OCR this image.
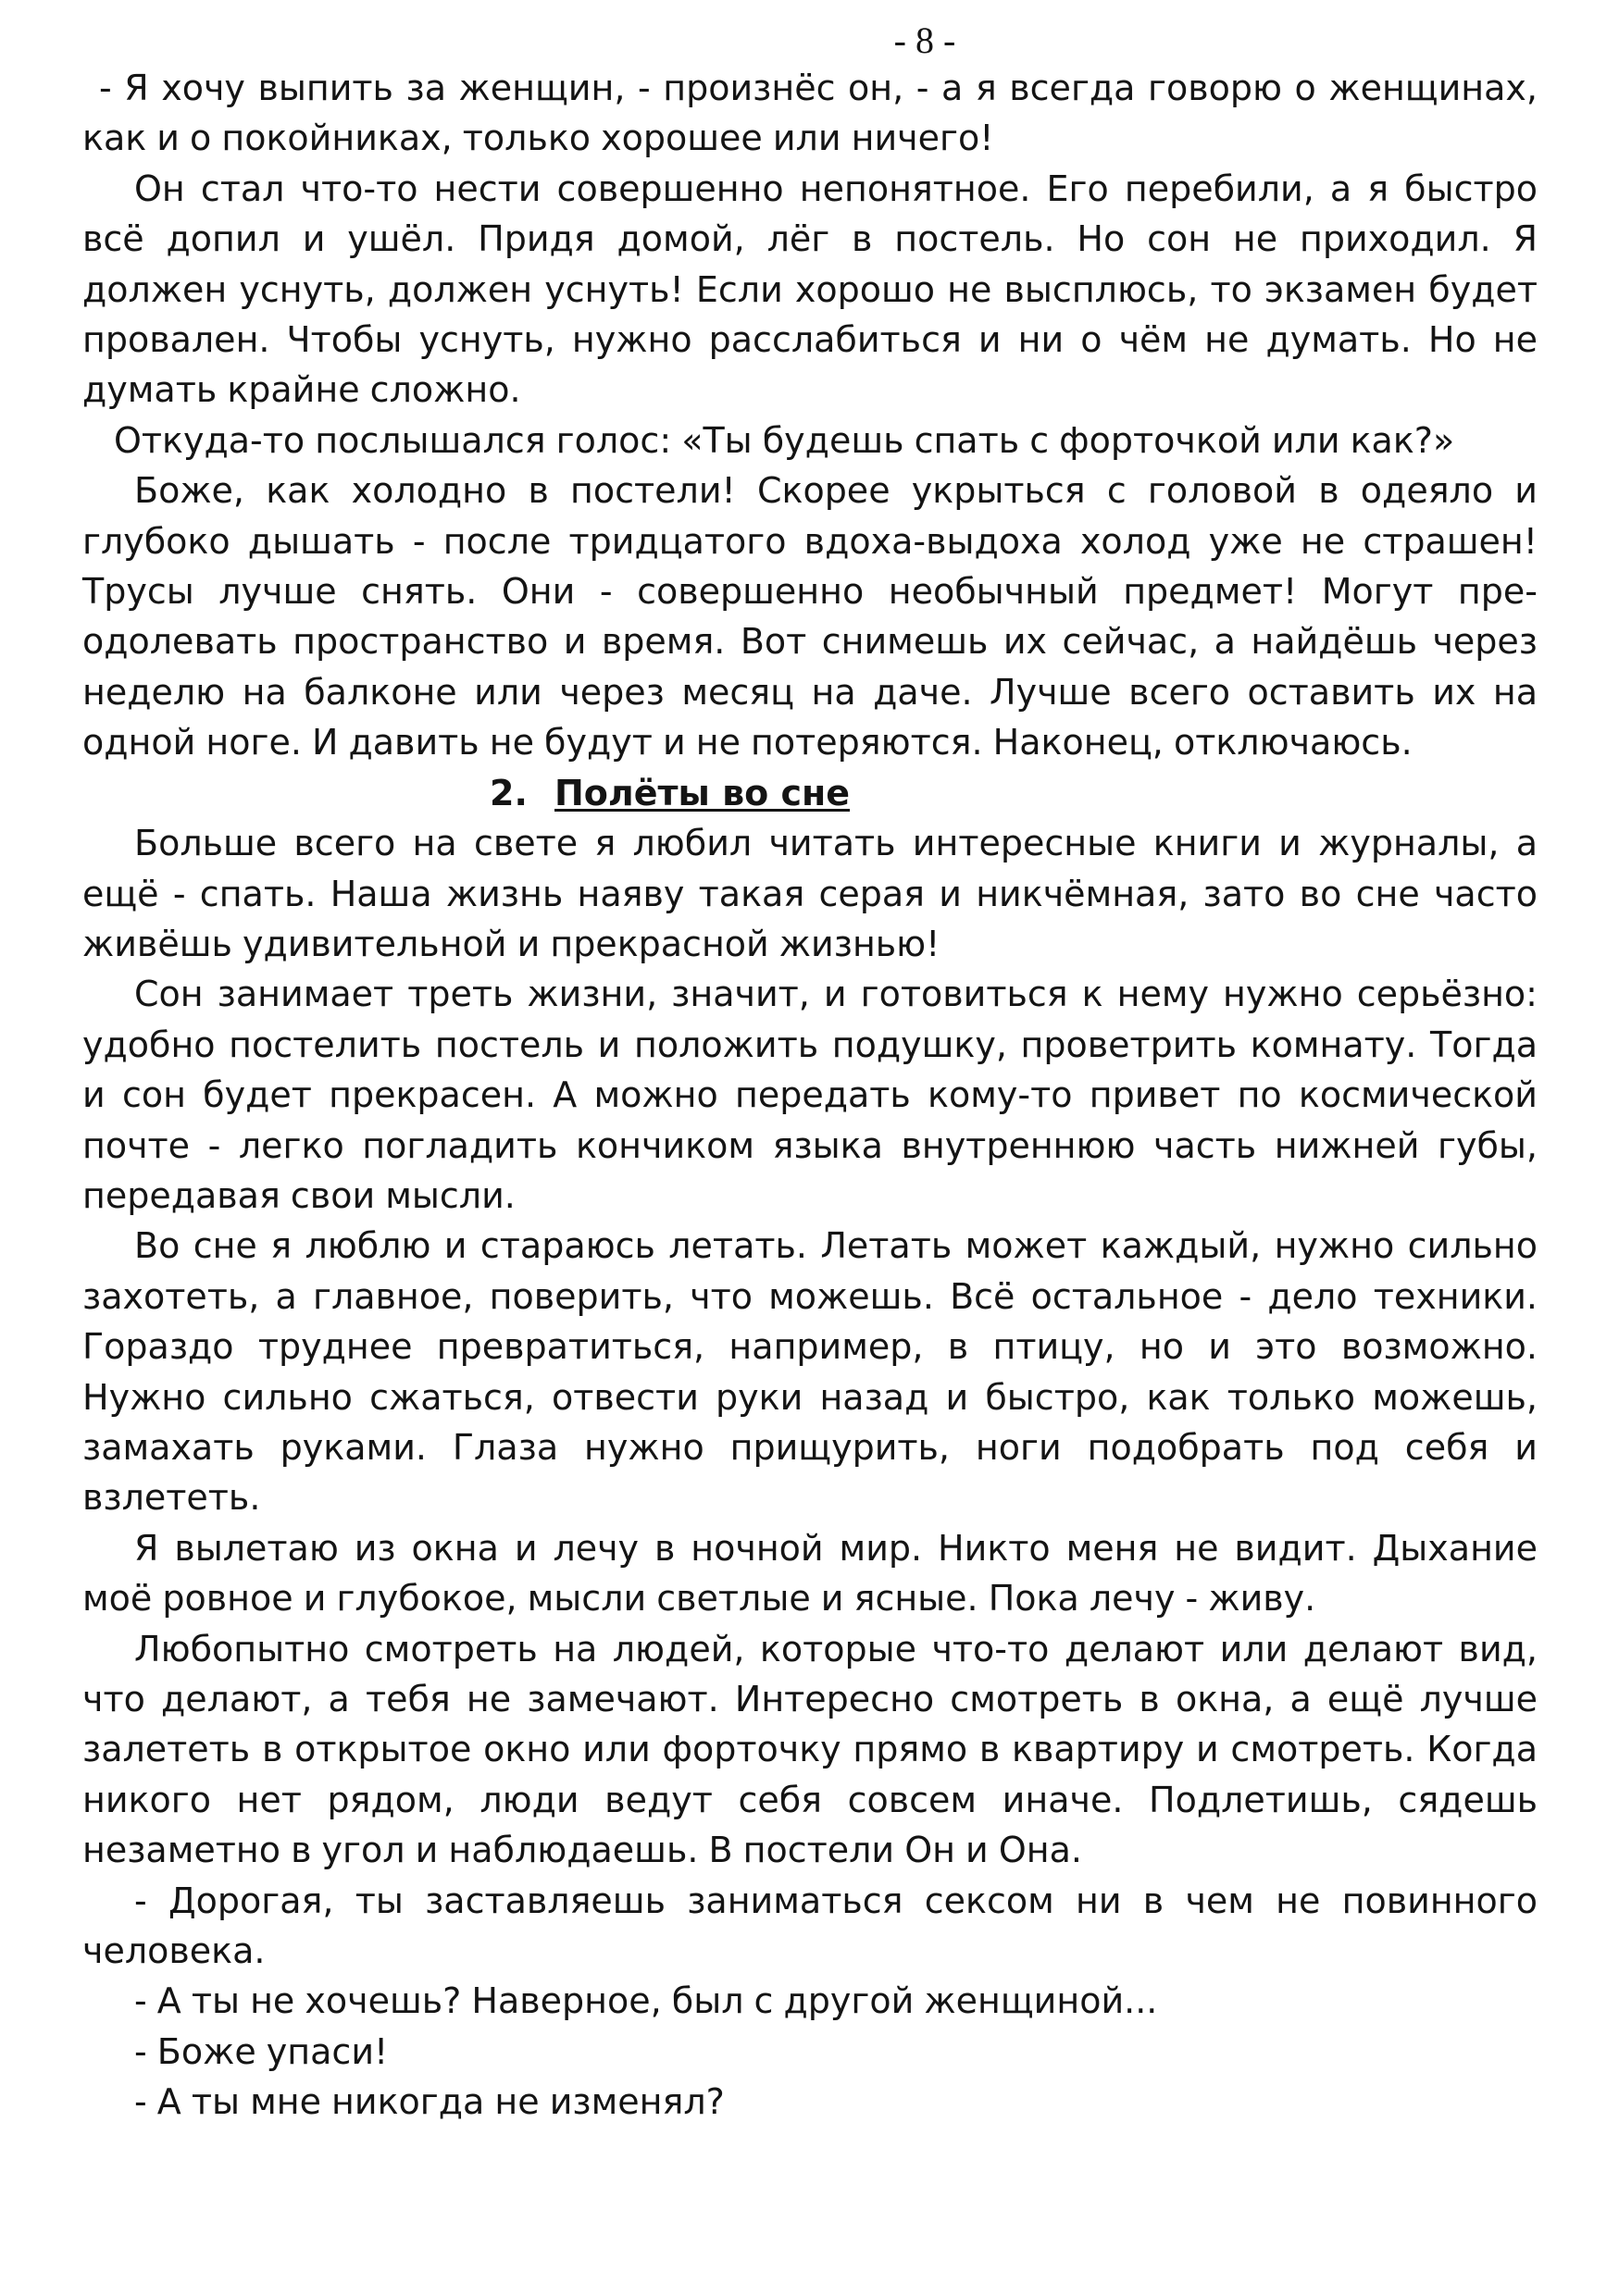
- 8 -

- Я хочу выпить за женщин, - произнёс он, - а я всегда говорю о женщинах, как и о покойниках, только хорошее или ничего!

Он стал что-то нести совершенно непонятное. Его перебили, а я быстро всё допил и ушёл. Придя домой, лёг в постель. Но сон не приходил. Я должен уснуть, должен уснуть! Если хорошо не высплюсь, то экзамен будет провален. Чтобы уснуть, нужно расслабиться и ни о чём не думать. Но не думать крайне сложно.

Откуда-то послышался голос: «Ты будешь спать с форточкой или как?»

Боже, как холодно в постели! Скорее укрыться с головой в одеяло и глубоко дышать - после тридцатого вдоха-выдоха холод уже не страшен! Трусы лучше снять. Они - совершенно необычный предмет! Могут преодолевать пространство и время. Вот снимешь их сейчас, а найдёшь через неделю на балконе или через месяц на даче. Лучше всего оставить их на одной ноге. И давить не будут и не потеряются. Наконец, отключаюсь.

2. Полёты во сне

Больше всего на свете я любил читать интересные книги и журналы, а ещё - спать. Наша жизнь наяву такая серая и никчёмная, зато во сне часто живёшь удивительной и прекрасной жизнью!

Сон занимает треть жизни, значит, и готовиться к нему нужно серьёзно: удобно постелить постель и положить подушку, проветрить комнату. Тогда и сон будет прекрасен. А можно передать кому-то привет по космической почте - легко погладить кончиком языка внутреннюю часть нижней губы, передавая свои мысли.

Во сне я люблю и стараюсь летать. Летать может каждый, нужно сильно захотеть, а главное, поверить, что можешь. Всё остальное - дело техники. Гораздо труднее превратиться, например, в птицу, но и это возможно. Нужно сильно сжаться, отвести руки назад и быстро, как только можешь, замахать руками. Глаза нужно прищурить, ноги подобрать под себя и взлететь.

Я вылетаю из окна и лечу в ночной мир. Никто меня не видит. Дыхание моё ровное и глубокое, мысли светлые и ясные. Пока лечу - живу.

Любопытно смотреть на людей, которые что-то делают или делают вид, что делают, а тебя не замечают. Интересно смотреть в окна, а ещё лучше залететь в открытое окно или форточку прямо в квартиру и смотреть. Когда никого нет рядом, люди ведут себя совсем иначе. Подлетишь, сядешь незаметно в угол и наблюдаешь. В постели Он и Она.

- Дорогая, ты заставляешь заниматься сексом ни в чем не повинного человека.

- А ты не хочешь? Наверное, был с другой женщиной...

- Боже упаси!

- А ты мне никогда не изменял?
